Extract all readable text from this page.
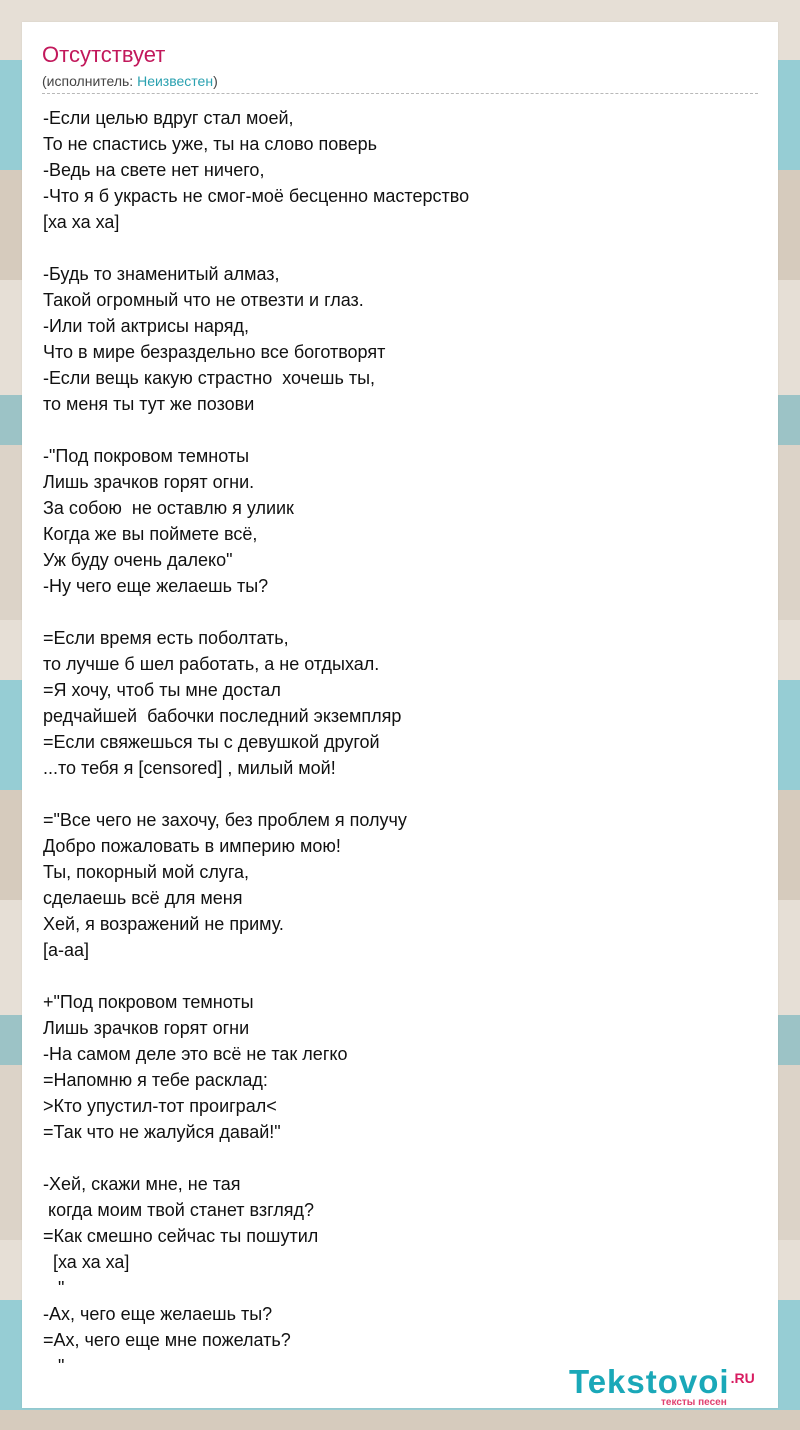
Отсутствует
(исполнитель: Неизвестен)
-Если целью вдруг стал моей,
То не спастись уже, ты на слово поверь
-Ведь на свете нет ничего,
-Что я б украсть не смог-моё бесценно мастерство
[ха ха ха]

-Будь то знаменитый алмаз,
Такой огромный что не отвезти и глаз.
-Или той актрисы наряд,
Что в мире безраздельно все боготворят
-Если вещь какую страстно  хочешь ты,
то меня ты тут же позови

-"Под покровом темноты
Лишь зрачков горят огни.
За собою  не оставлю я улиик
Когда же вы поймете всё,
Уж буду очень далеко"
-Ну чего еще желаешь ты?

=Если время есть поболтать,
то лучше б шел работать, а не отдыхал.
=Я хочу, чтоб ты мне достал
редчайшей  бабочки последний экземпляр
=Если свяжешься ты с девушкой другой
...то тебя я [censored] , милый мой!

="Все чего не захочу, без проблем я получу
Добро пожаловать в империю мою!
Ты, покорный мой слуга,
сделаешь всё для меня
Хей, я возражений не приму.
[а-аа]

+"Под покровом темноты
Лишь зрачков горят огни
-На самом деле это всё не так легко
=Напомню я тебе расклад:
>Кто упустил-тот проиграл<
=Так что не жалуйся давай!"

-Хей, скажи мне, не тая
когда моим твой станет взгляд?
=Как смешно сейчас ты пошутил
[ха ха ха]
"
-Ах, чего еще желаешь ты?
=Ах, чего еще мне пожелать?
"	Tekstovoi.RU
тексты песен
